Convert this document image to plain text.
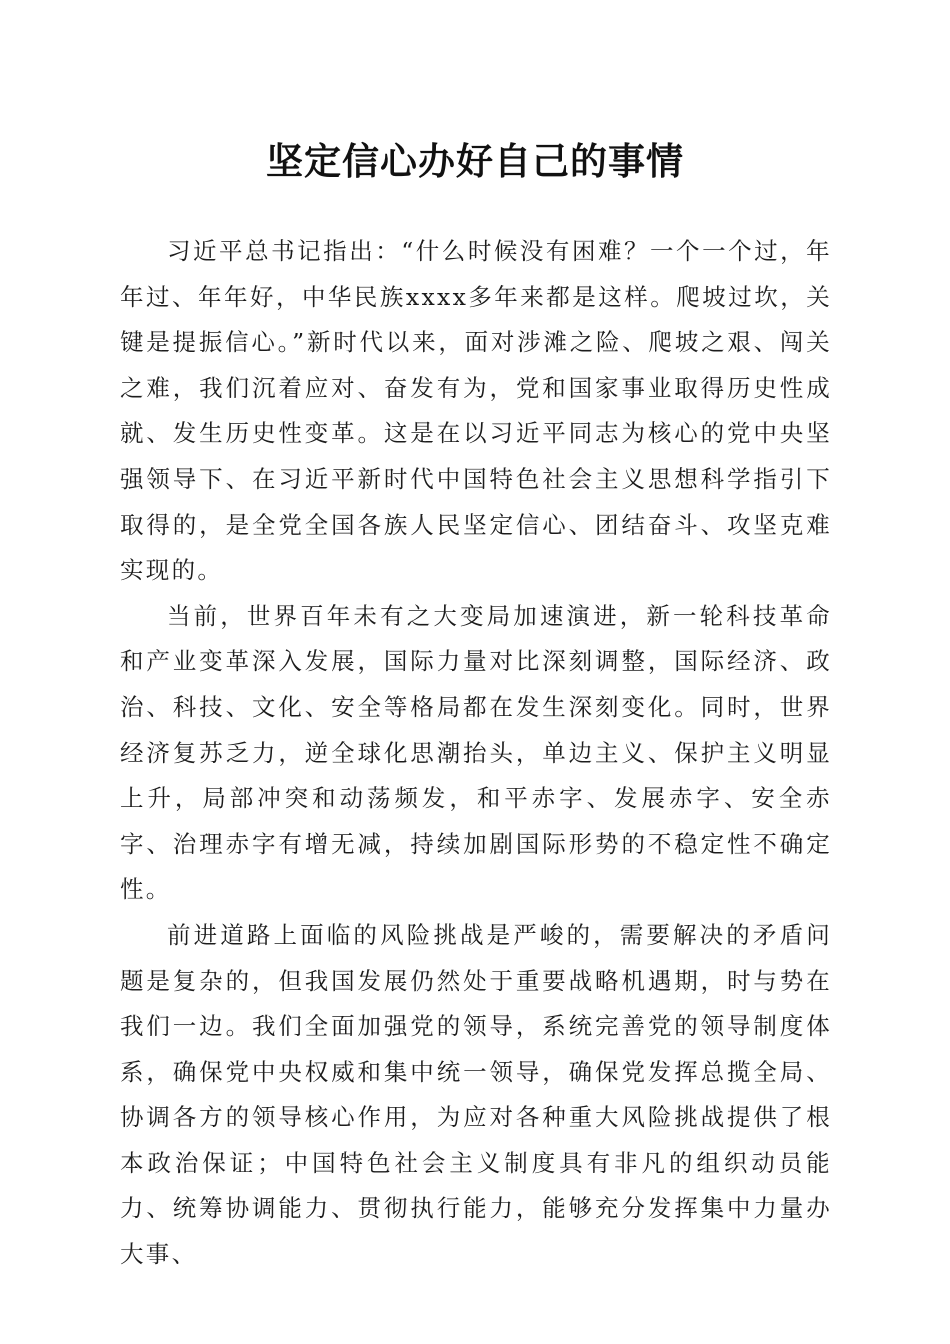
坚定信心办好自己的事情

习近平总书记指出：“什么时候没有困难？一个一个过，年年过、年年好，中华民族xxxx多年来都是这样。爬坡过坎，关键是提振信心。”新时代以来，面对涉滩之险、爬坡之艰、闯关之难，我们沉着应对、奋发有为，党和国家事业取得历史性成就、发生历史性变革。这是在以习近平同志为核心的党中央坚强领导下、在习近平新时代中国特色社会主义思想科学指引下取得的，是全党全国各族人民坚定信心、团结奋斗、攻坚克难实现的。

当前，世界百年未有之大变局加速演进，新一轮科技革命和产业变革深入发展，国际力量对比深刻调整，国际经济、政治、科技、文化、安全等格局都在发生深刻变化。同时，世界经济复苏乏力，逆全球化思潮抬头，单边主义、保护主义明显上升，局部冲突和动荡频发，和平赤字、发展赤字、安全赤字、治理赤字有增无减，持续加剧国际形势的不稳定性不确定性。

前进道路上面临的风险挑战是严峻的，需要解决的矛盾问题是复杂的，但我国发展仍然处于重要战略机遇期，时与势在我们一边。我们全面加强党的领导，系统完善党的领导制度体系，确保党中央权威和集中统一领导，确保党发挥总揽全局、协调各方的领导核心作用，为应对各种重大风险挑战提供了根本政治保证；中国特色社会主义制度具有非凡的组织动员能力、统筹协调能力、贯彻执行能力，能够充分发挥集中力量办大事、
